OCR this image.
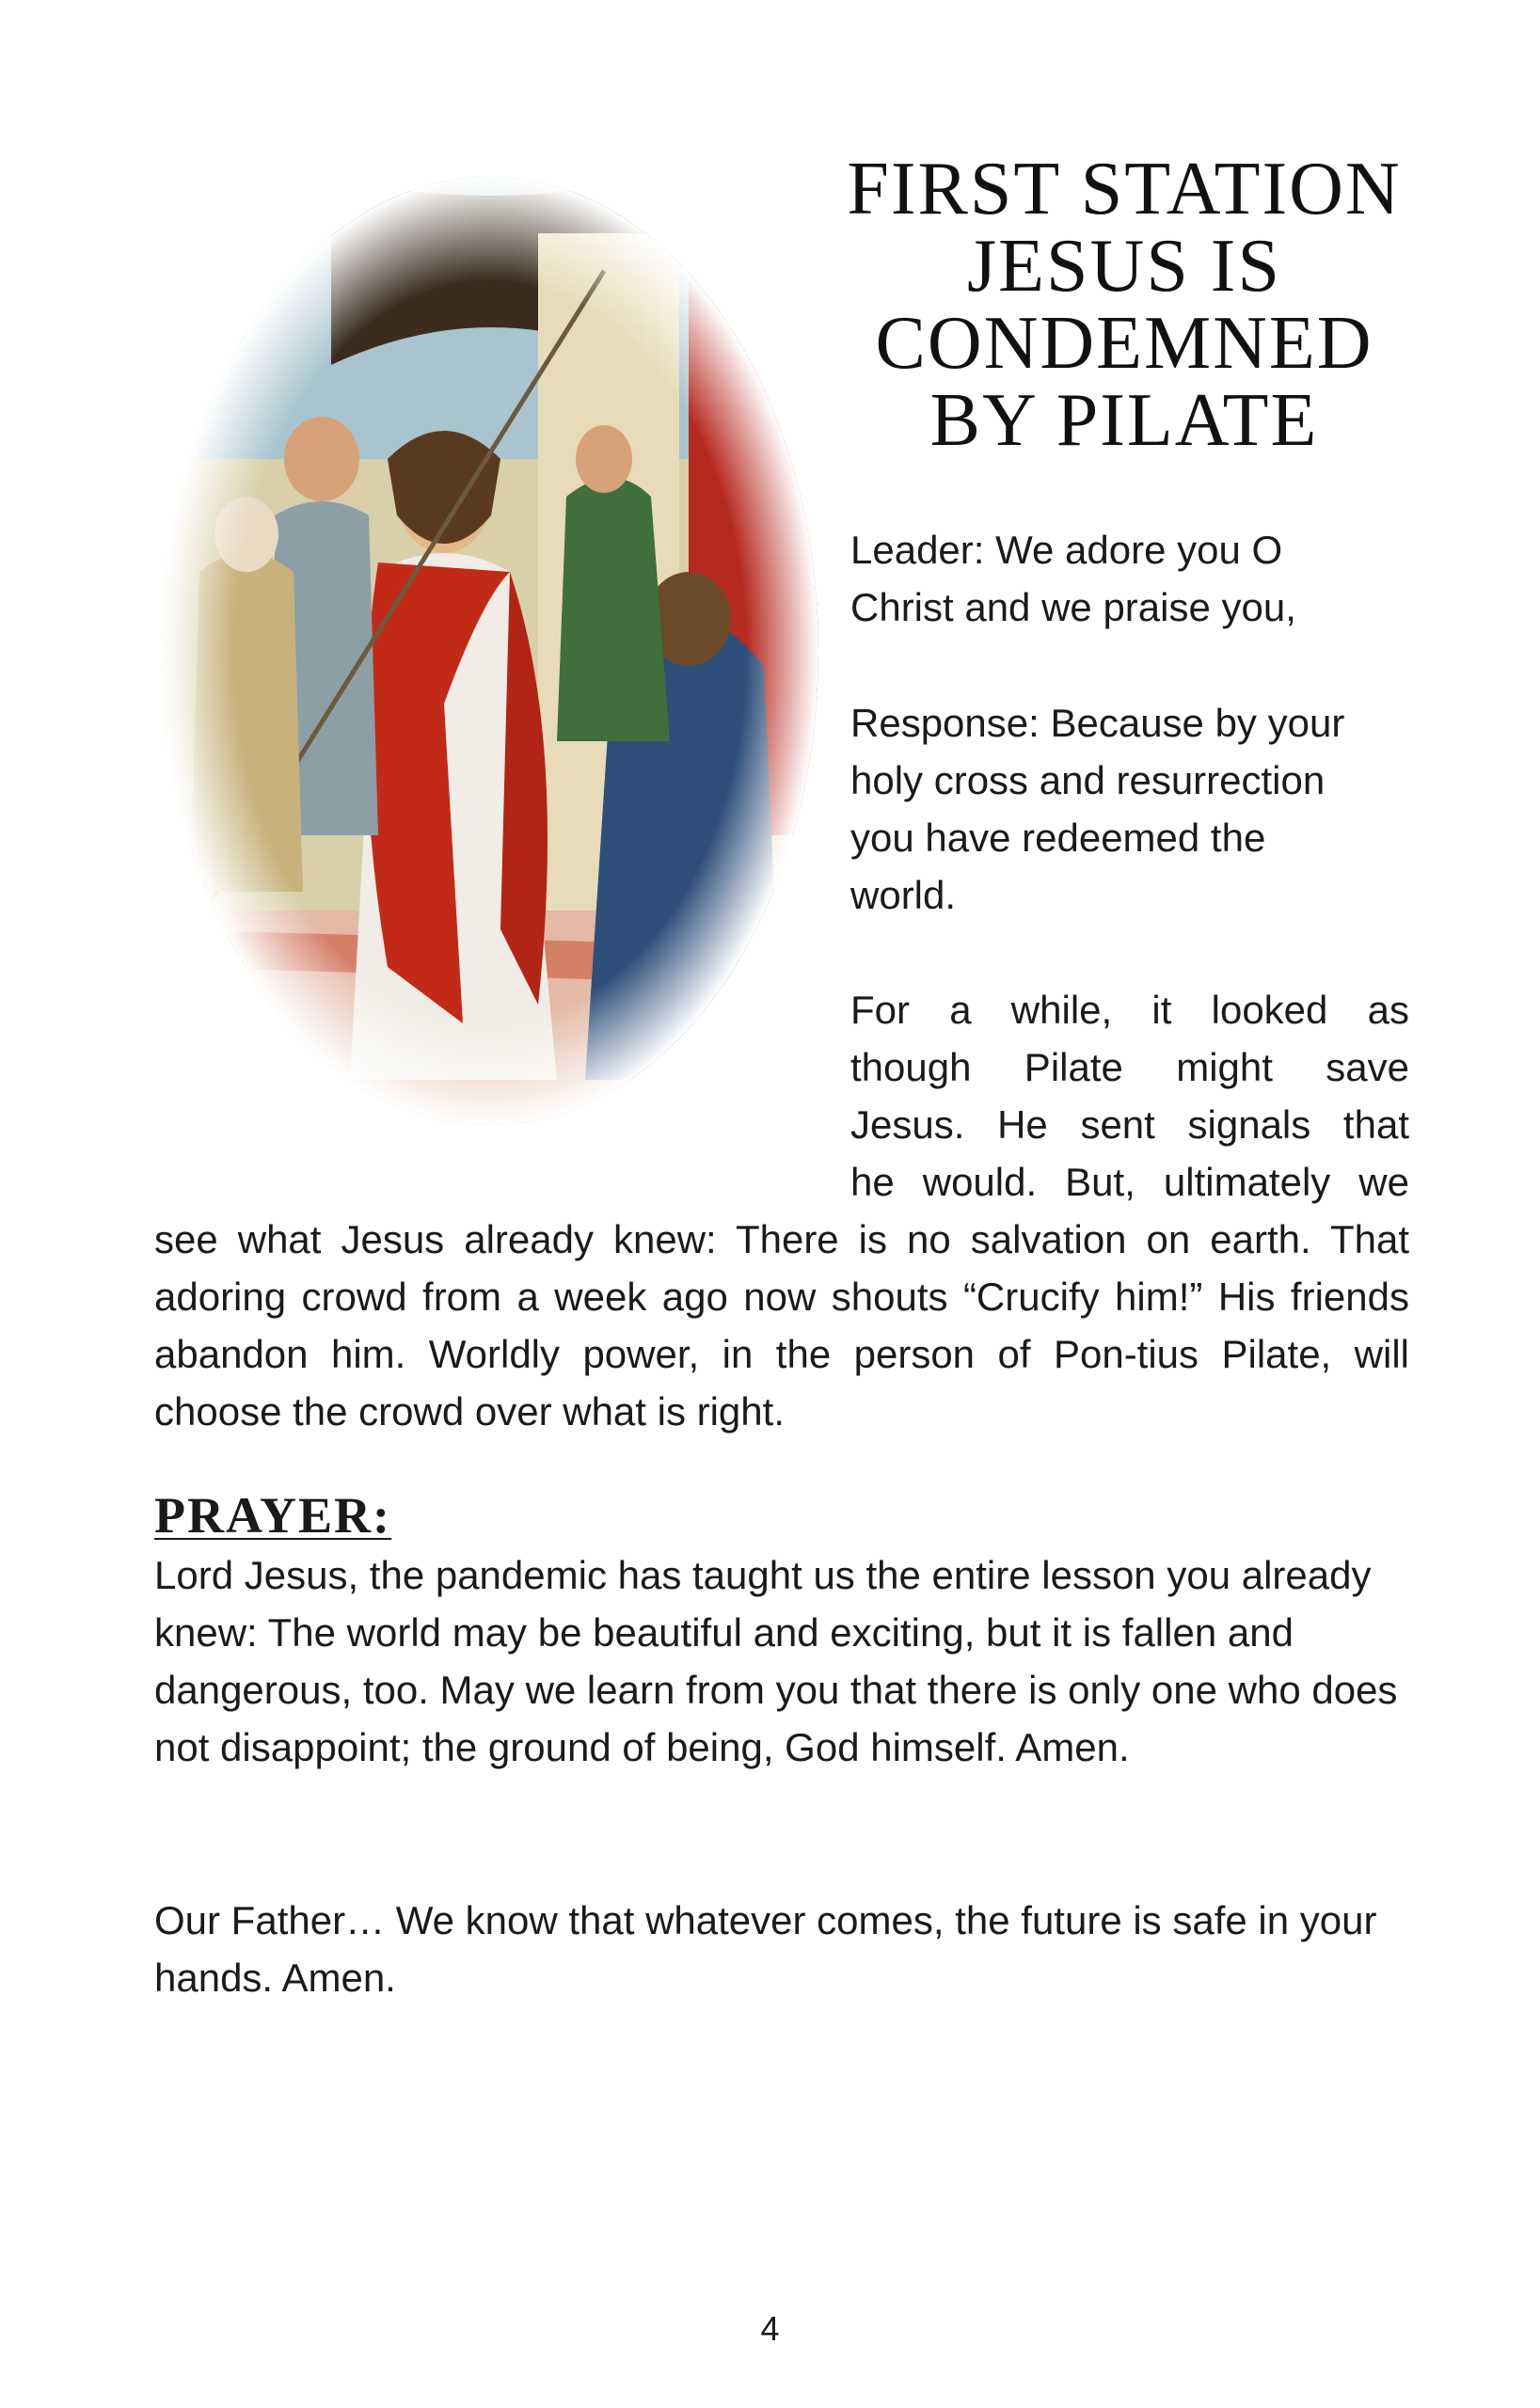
FIRST STATION
JESUS IS
CONDEMNED
BY PILATE

Leader: We adore you O

Christ and we praise you,

Response: Because by your

holy cross and resurrection

you have redeemed the

world.

For a while, it looked as

though Pilate might save

Jesus. He sent signals that

he would. But, ultimately we

see what Jesus already knew: There is no salvation on earth. That adoring crowd from a week ago now shouts “Crucify him!” His friends abandon him. Worldly power, in the person of Pon-tius Pilate, will choose the crowd over what is right.

PRAYER:

Lord Jesus, the pandemic has taught us the entire lesson you already knew: The world may be beautiful and exciting, but it is fallen and dangerous, too. May we learn from you that there is only one who does not disappoint; the ground of being, God himself. Amen.

Our Father… We know that whatever comes, the future is safe in your hands. Amen.

4
